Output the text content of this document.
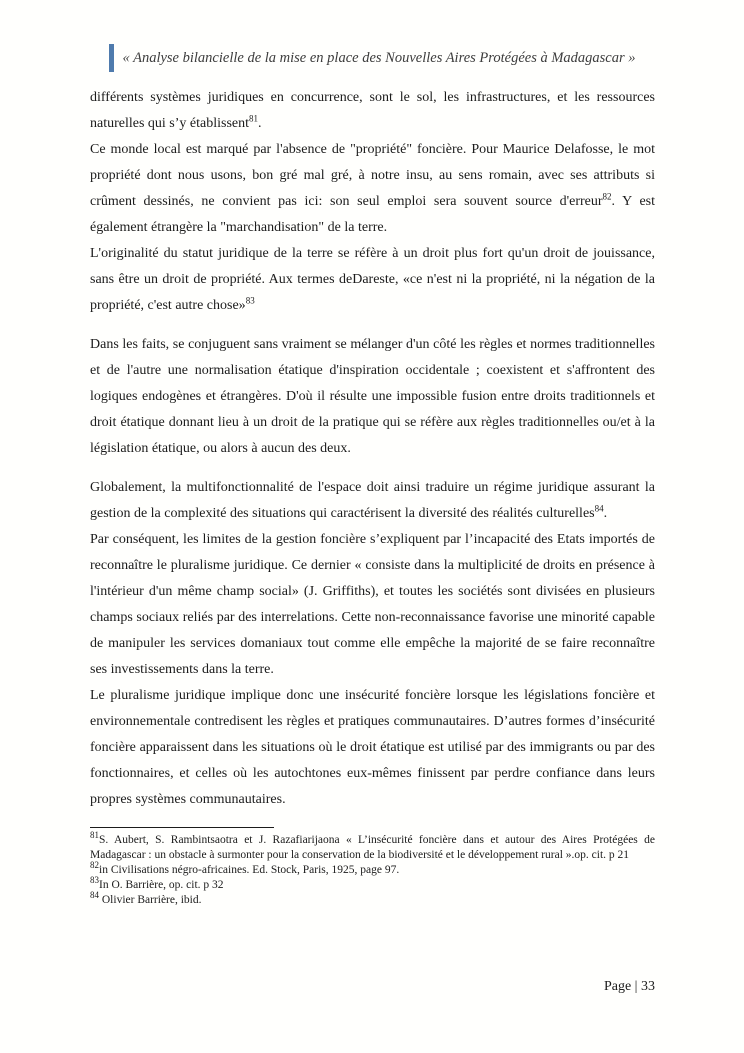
« Analyse bilancielle de la mise en place des Nouvelles Aires Protégées à Madagascar »

différents systèmes juridiques en concurrence, sont le sol, les infrastructures, et les ressources naturelles qui s’y établissent$^{81}$.

Ce monde local est marqué par l'absence de "propriété" foncière. Pour Maurice Delafosse, le mot propriété dont nous usons, bon gré mal gré, à notre insu, au sens romain, avec ses attributs si crûment dessinés, ne convient pas ici: son seul emploi sera souvent source d'erreur$^{82}$. Y est également étrangère la "marchandisation" de la terre.

L'originalité du statut juridique de la terre se réfère à un droit plus fort qu'un droit de jouissance, sans être un droit de propriété. Aux termes deDareste, «ce n'est ni la propriété, ni la négation de la propriété, c'est autre chose»$^{83}$

Dans les faits, se conjuguent sans vraiment se mélanger d'un côté les règles et normes traditionnelles et de l'autre une normalisation étatique d'inspiration occidentale ; coexistent et s'affrontent des logiques endogènes et étrangères. D'où il résulte une impossible fusion entre droits traditionnels et droit étatique donnant lieu à un droit de la pratique qui se réfère aux règles traditionnelles ou/et à la législation étatique, ou alors à aucun des deux.

Globalement, la multifonctionnalité de l'espace doit ainsi traduire un régime juridique assurant la gestion de la complexité des situations qui caractérisent la diversité des réalités culturelles$^{84}$.

Par conséquent, les limites de la gestion foncière s’expliquent par l’incapacité des Etats importés de reconnaître le pluralisme juridique. Ce dernier « consiste dans la multiplicité de droits en présence à l'intérieur d'un même champ social» (J. Griffiths), et toutes les sociétés sont divisées en plusieurs champs sociaux reliés par des interrelations. Cette non-reconnaissance favorise une minorité capable de manipuler les services domaniaux tout comme elle empêche la majorité de se faire reconnaître ses investissements dans la terre.

Le pluralisme juridique implique donc une insécurité foncière lorsque les législations foncière et environnementale contredisent les règles et pratiques communautaires. D’autres formes d’insécurité foncière apparaissent dans les situations où le droit étatique est utilisé par des immigrants ou par des fonctionnaires, et celles où les autochtones eux-mêmes finissent par perdre confiance dans leurs propres systèmes communautaires.

$^{81}$S. Aubert, S. Rambintsaotra et J. Razafiarijaona « L’insécurité foncière dans et autour des Aires Protégées de Madagascar : un obstacle à surmonter pour la conservation de la biodiversité et le développement rural ».op. cit. p 21
$^{82}$in Civilisations négro-africaines. Ed. Stock, Paris, 1925, page 97.
$^{83}$In O. Barrière, op. cit. p 32
$^{84}$ Olivier Barrière, ibid.
Page | 33
